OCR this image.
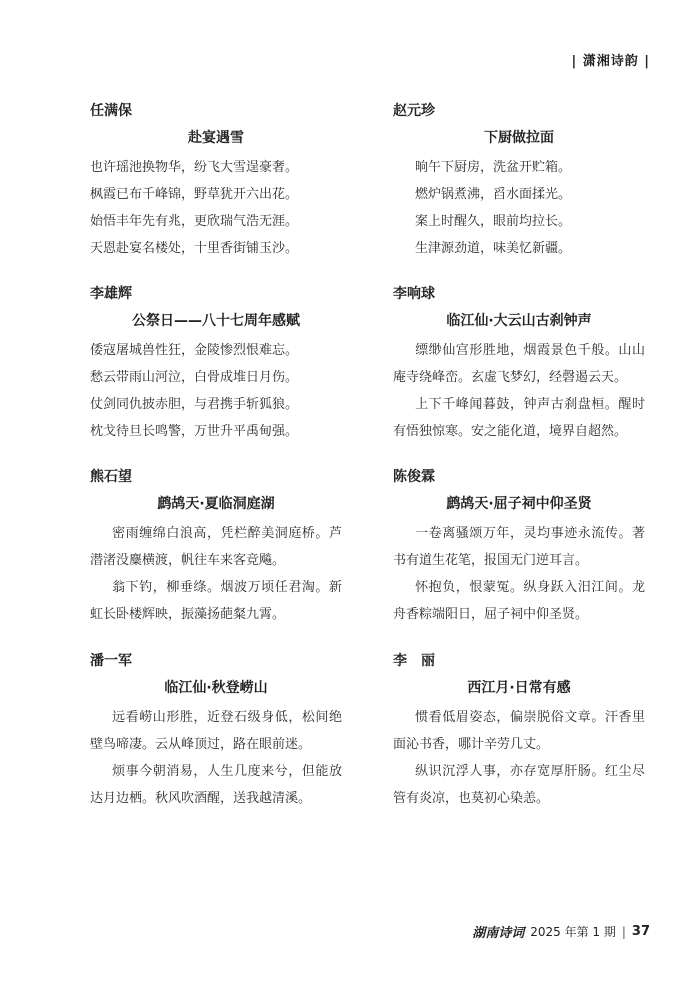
| 潇湘诗韵 |
任满保
赴宴遇雪
也许瑶池换物华，纷飞大雪逞豪奢。
枫霞已布千峰锦，野草犹开六出花。
始悟丰年先有兆，更欣瑞气浩无涯。
天恩赴宴名楼处，十里香街铺玉沙。
李雄辉
公祭日——八十七周年感赋
倭寇屠城兽性狂，金陵惨烈恨难忘。
愁云带雨山河泣，白骨成堆日月伤。
仗剑同仇披赤胆，与君携手斩狐狼。
枕戈待旦长鸣警，万世升平禹甸强。
熊石望
鹧鸪天·夏临洞庭湖
密雨缠绵白浪高，凭栏醉美洞庭桥。芦潜渚没麋横渡，帆往车来客竞飚。
翁下钓，柳垂绦。烟波万顷任君淘。新虹长卧楼辉映，振藻扬葩粲九霄。
潘一军
临江仙·秋登崂山
远看崂山形胜，近登石级身低，松间绝壁鸟啼凄。云从峰顶过，路在眼前迷。
烦事今朝消易，人生几度来兮，但能放达月边栖。秋风吹酒醒，送我越清溪。
赵元珍
下厨做拉面
晌午下厨房，洗盆开贮箱。
燃炉锅煮沸，舀水面揉光。
案上时醒久，眼前均拉长。
生津源劲道，味美忆新疆。
李响球
临江仙·大云山古刹钟声
缥缈仙宫形胜地，烟霞景色千般。山山庵寺绕峰峦。玄虚飞梦幻，经磬遏云天。
上下千峰闻暮鼓，钟声古刹盘桓。醒时有悟独惊寒。安之能化道，境界自超然。
陈俊霖
鹧鸪天·屈子祠中仰圣贤
一卷离骚颂万年，灵均事迹永流传。著书有道生花笔，报国无门逆耳言。
怀抱负，恨蒙冤。纵身跃入汨江间。龙舟香粽端阳日，屈子祠中仰圣贤。
李　丽
西江月·日常有感
惯看低眉姿态，偏崇脱俗文章。汗香里面沁书香，哪计辛劳几丈。
纵识沉浮人事，亦存宽厚肝肠。红尘尽管有炎凉，也莫初心染恙。
湖南诗词 2025 年第 1 期 | 37
